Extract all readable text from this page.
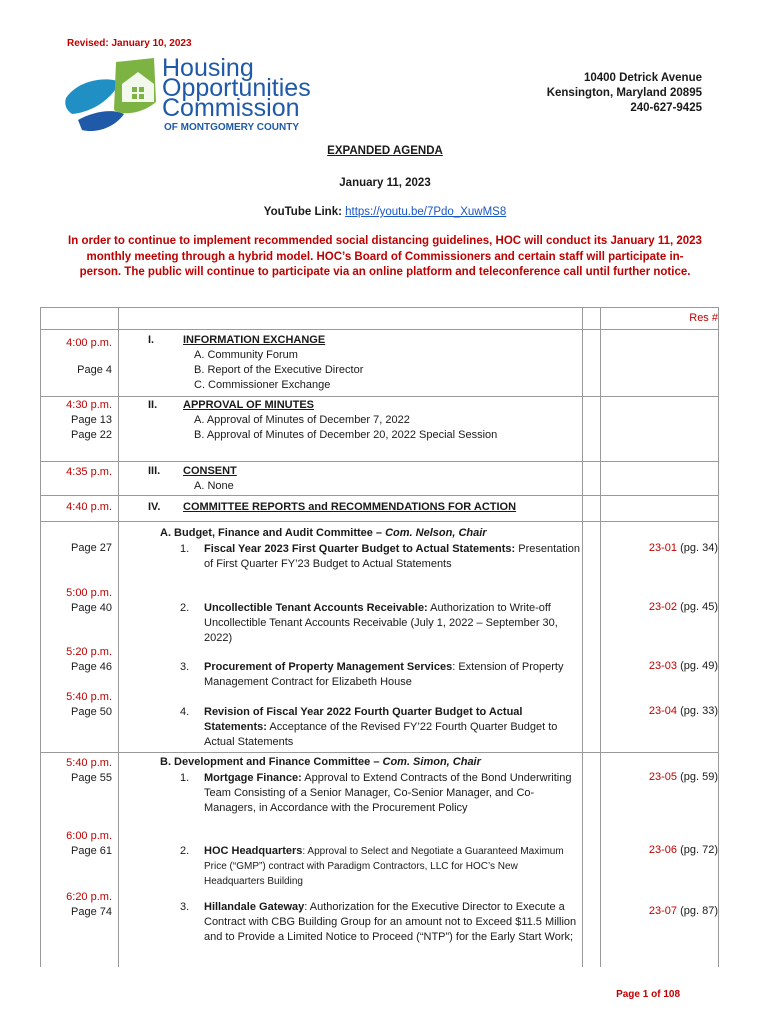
Revised: January 10, 2023
Housing
Opportunities
Commission
OF MONTGOMERY COUNTY
10400 Detrick Avenue
Kensington, Maryland 20895
240-627-9425
EXPANDED AGENDA
January 11, 2023
YouTube Link: https://youtu.be/7Pdo_XuwMS8
In order to continue to implement recommended social distancing guidelines, HOC will conduct its January 11, 2023 monthly meeting through a hybrid model. HOC’s Board of Commissioners and certain staff will participate in-person. The public will continue to participate via an online platform and teleconference call until further notice.
Res #
4:00 p.m.
Page 4
4:30 p.m.
Page 13
Page 22
4:35 p.m.
4:40 p.m.
Page 27
5:00 p.m.
Page 40
5:20 p.m.
Page 46
5:40 p.m.
Page 50
5:40 p.m.
Page 55
6:00 p.m.
Page 61
6:20 p.m.
Page 74
I.	INFORMATION EXCHANGE
A. Community Forum
B. Report of the Executive Director
C. Commissioner Exchange
II. APPROVAL OF MINUTES
A. Approval of Minutes of December 7, 2022
B. Approval of Minutes of December 20, 2022 Special Session
III. CONSENT
A. None
IV. COMMITTEE REPORTS and RECOMMENDATIONS FOR ACTION
A. Budget, Finance and Audit Committee – Com. Nelson, Chair
1. Fiscal Year 2023 First Quarter Budget to Actual Statements: Presentation of First Quarter FY’23 Budget to Actual Statements
23-01 (pg. 34)
2. Uncollectible Tenant Accounts Receivable: Authorization to Write-off Uncollectible Tenant Accounts Receivable (July 1, 2022 – September 30, 2022)
23-02 (pg. 45)
3. Procurement of Property Management Services: Extension of Property Management Contract for Elizabeth House
23-03 (pg. 49)
4. Revision of Fiscal Year 2022 Fourth Quarter Budget to Actual Statements: Acceptance of the Revised FY’22 Fourth Quarter Budget to Actual Statements
23-04 (pg. 33)
B. Development and Finance Committee – Com. Simon, Chair
1. Mortgage Finance: Approval to Extend Contracts of the Bond Underwriting Team Consisting of a Senior Manager, Co-Senior Manager, and Co-Managers, in Accordance with the Procurement Policy
23-05 (pg. 59)
2. HOC Headquarters: Approval to Select and Negotiate a Guaranteed Maximum Price (“GMP”) contract with Paradigm Contractors, LLC for HOC’s New Headquarters Building
23-06 (pg. 72)
3. Hillandale Gateway: Authorization for the Executive Director to Execute a Contract with CBG Building Group for an amount not to Exceed $11.5 Million and to Provide a Limited Notice to Proceed (“NTP”) for the Early Start Work;
23-07 (pg. 87)
Page 1 of 108
